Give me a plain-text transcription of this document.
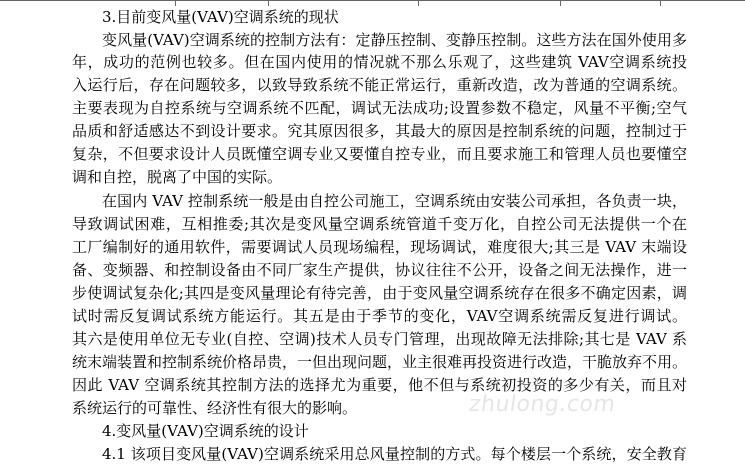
3.目前变风量(VAV)空调系统的现状
变风量(VAV)空调系统的控制方法有：定静压控制、变静压控制。这些方法在国外使用多
年，成功的范例也较多。但在国内使用的情况就不那么乐观了，这些建筑 VAV空调系统投
入运行后，存在问题较多，以致导致系统不能正常运行，重新改造，改为普通的空调系统。
主要表现为自控系统与空调系统不匹配，调试无法成功;设置参数不稳定，风量不平衡;空气
品质和舒适感达不到设计要求。究其原因很多，其最大的原因是控制系统的问题，控制过于
复杂，不但要求设计人员既懂空调专业又要懂自控专业，而且要求施工和管理人员也要懂空
调和自控，脱离了中国的实际。
在国内 VAV 控制系统一般是由自控公司施工，空调系统由安装公司承担，各负责一块，
导致调试困难，互相推委;其次是变风量空调系统管道千变万化，自控公司无法提供一个在
工厂编制好的通用软件，需要调试人员现场编程，现场调试，难度很大;其三是 VAV 末端设
备、变频器、和控制设备由不同厂家生产提供，协议往往不公开，设备之间无法操作，进一
步使调试复杂化;其四是变风量理论有待完善，由于变风量空调系统存在很多不确定因素，调
试时需反复调试系统方能运行。其五是由于季节的变化，VAV空调系统需反复进行调试。
其六是使用单位无专业(自控、空调)技术人员专门管理，出现故障无法排除;其七是 VAV 系
统末端装置和控制系统价格昂贵，一但出现问题，业主很难再投资进行改造，干脆放弃不用。
因此 VAV 空调系统其控制方法的选择尤为重要，他不但与系统初投资的多少有关，而且对
系统运行的可靠性、经济性有很大的影响。
4.变风量(VAV)空调系统的设计
4.1 该项目变风量(VAV)空调系统采用总风量控制的方式。每个楼层一个系统，安全教育
zhulong.com
